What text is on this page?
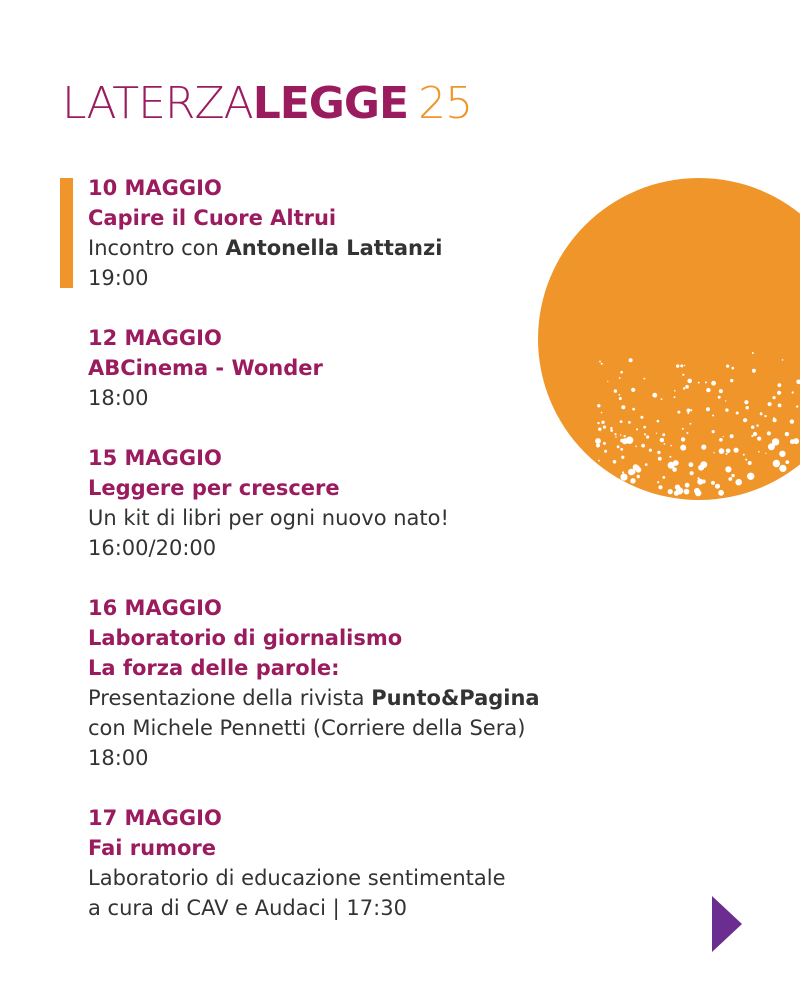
LATERZALEGGE 25
10 MAGGIO
Capire il Cuore Altrui
Incontro con Antonella Lattanzi
19:00
12 MAGGIO
ABCinema - Wonder
18:00
15 MAGGIO
Leggere per crescere
Un kit di libri per ogni nuovo nato!
16:00/20:00
16 MAGGIO
Laboratorio di giornalismo
La forza delle parole:
Presentazione della rivista Punto&Pagina
con Michele Pennetti (Corriere della Sera)
18:00
17 MAGGIO
Fai rumore
Laboratorio di educazione sentimentale
a cura di CAV e Audaci | 17:30
